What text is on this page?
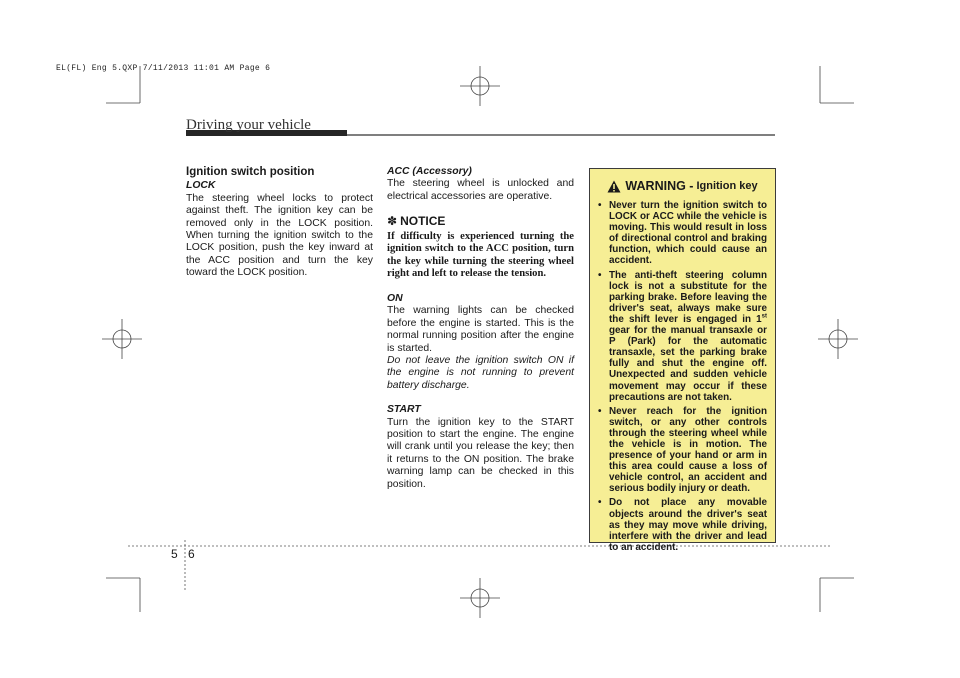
EL(FL) Eng 5.QXP 7/11/2013 11:01 AM Page 6
Driving your vehicle
Ignition switch position
LOCK

The steering wheel locks to protect against theft. The ignition key can be removed only in the LOCK position. When turning the ignition switch to the LOCK position, push the key inward at the ACC position and turn the key toward the LOCK position.

ACC (Accessory)

The steering wheel is unlocked and electrical accessories are operative.

✽ NOTICE

If difficulty is experienced turning the ignition switch to the ACC position, turn the key while turning the steering wheel right and left to release the tension.

ON

The warning lights can be checked before the engine is started. This is the normal running position after the engine is started.

Do not leave the ignition switch ON if the engine is not running to prevent battery discharge.

START

Turn the ignition key to the START position to start the engine. The engine will crank until you release the key; then it returns to the ON position. The brake warning lamp can be checked in this position.

WARNING - Ignition key
• Never turn the ignition switch to LOCK or ACC while the vehicle is moving. This would result in loss of directional control and braking function, which could cause an accident.
• The anti-theft steering column lock is not a substitute for the parking brake. Before leaving the driver's seat, always make sure the shift lever is engaged in 1st gear for the manual transaxle or P (Park) for the automatic transaxle, set the parking brake fully and shut the engine off. Unexpected and sudden vehicle movement may occur if these precautions are not taken.
• Never reach for the ignition switch, or any other controls through the steering wheel while the vehicle is in motion. The presence of your hand or arm in this area could cause a loss of vehicle control, an accident and serious bodily injury or death.
• Do not place any movable objects around the driver's seat as they may move while driving, interfere with the driver and lead to an accident.
5 6
